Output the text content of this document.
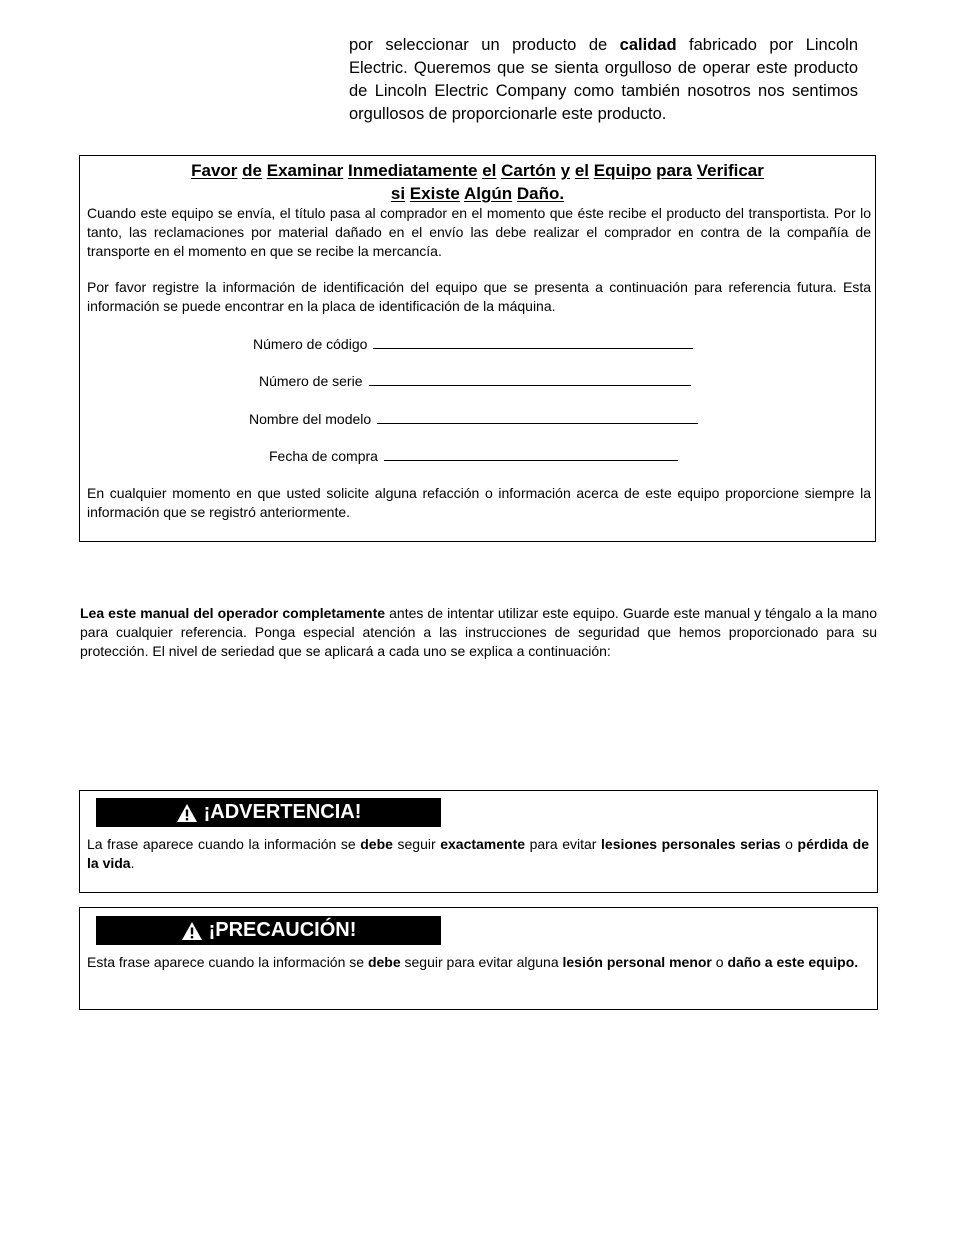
por seleccionar un producto de calidad fabricado por Lincoln Electric. Queremos que se sienta orgulloso de operar este producto de Lincoln Electric Company como también nosotros nos sentimos orgullosos de proporcionarle este producto.
Favor de Examinar Inmediatamente el Cartón y el Equipo para Verificar
si Existe Algún Daño.
Cuando este equipo se envía, el título pasa al comprador en el momento que éste recibe el producto del transportista. Por lo tanto, las reclamaciones por material dañado en el envío las debe realizar el comprador en contra de la compañía de transporte en el momento en que se recibe la mercancía.
Por favor registre la información de identificación del equipo que se presenta a continuación para referencia futura. Esta información se puede encontrar en la placa de identificación de la máquina.
Número de código
Número de serie
Nombre del modelo
Fecha de compra
En cualquier momento en que usted solicite alguna refacción o información acerca de este equipo proporcione siempre la información que se registró anteriormente.
Lea este manual del operador completamente antes de intentar utilizar este equipo. Guarde este manual y téngalo a la mano para cualquier referencia. Ponga especial atención a las instrucciones de seguridad que hemos proporcionado para su protección. El nivel de seriedad que se aplicará a cada uno se explica a continuación:
¡ADVERTENCIA!
La frase aparece cuando la información se debe seguir exactamente para evitar lesiones personales serias o pérdida de la vida.
¡PRECAUCIÓN!
Esta frase aparece cuando la información se debe seguir para evitar alguna lesión personal menor o daño a este equipo.
